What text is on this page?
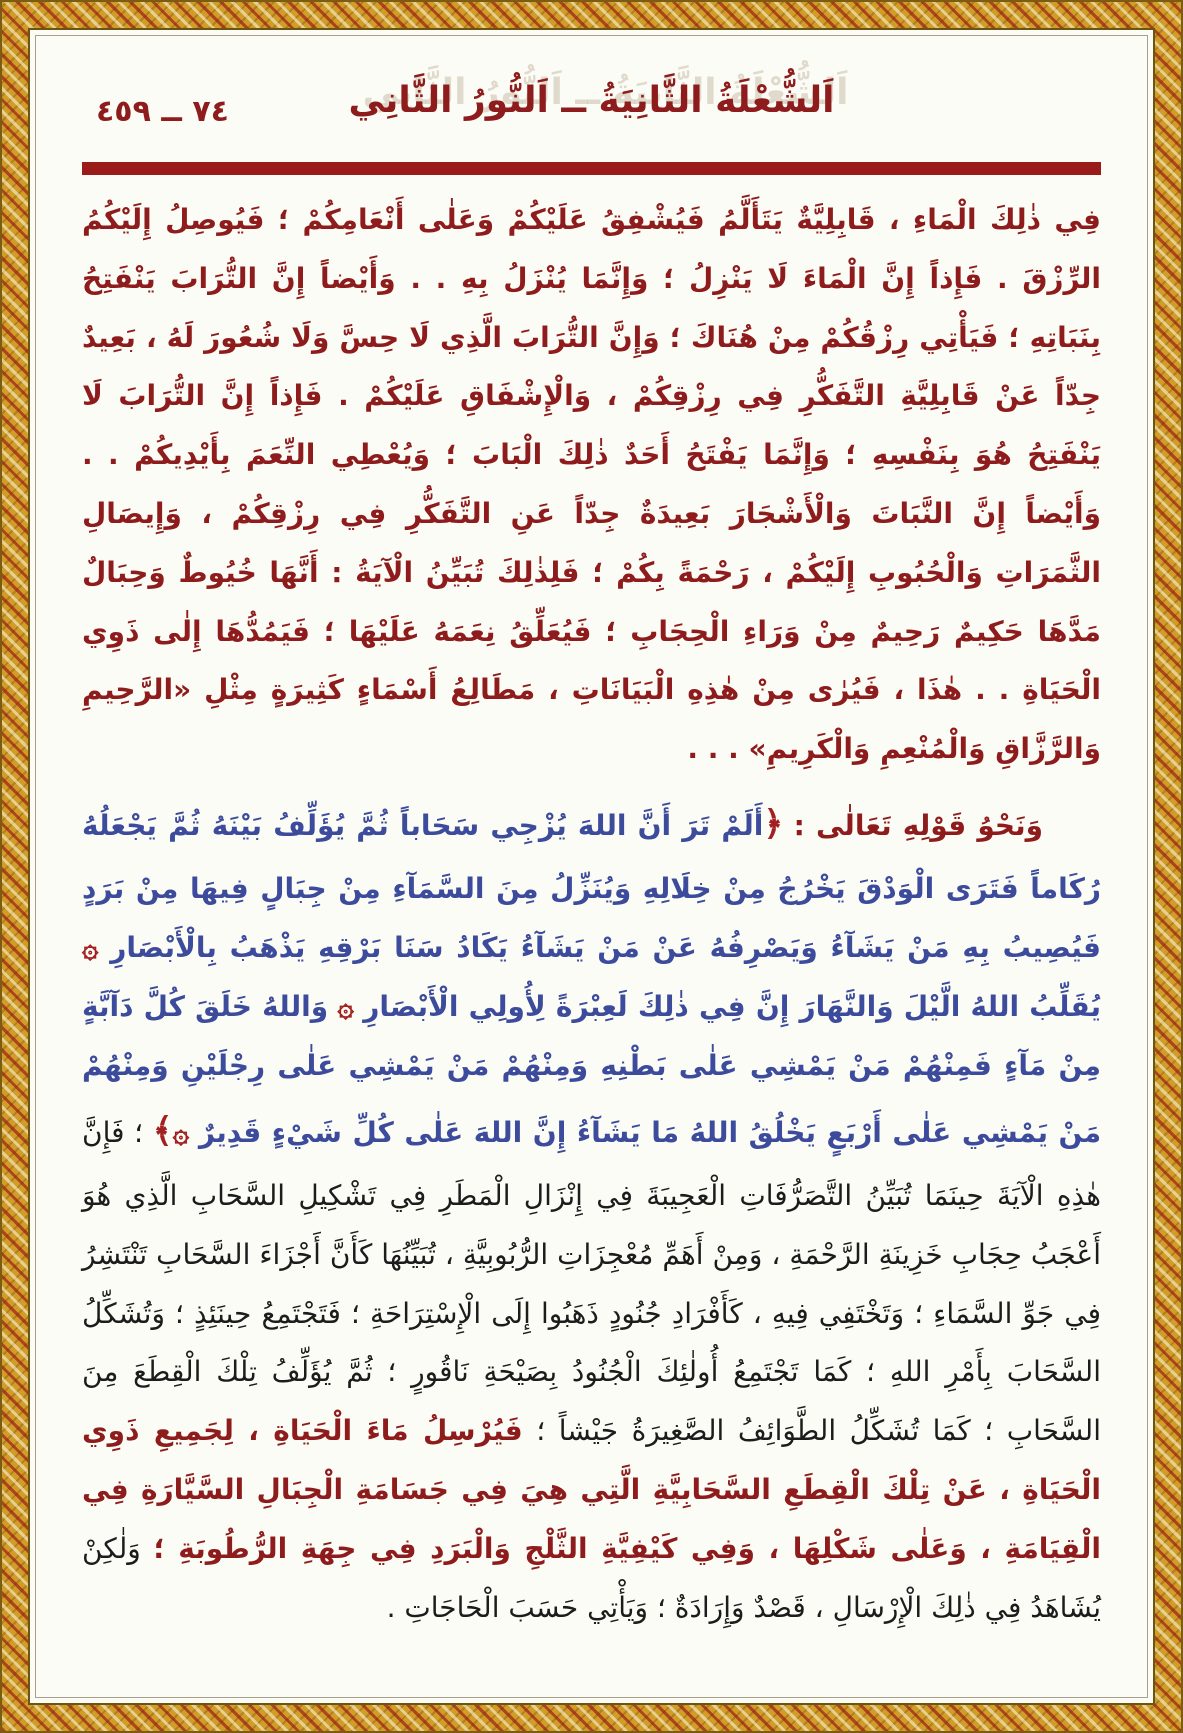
٧٤ ــ ٤٥٩	اَلشُّعْلَةُ الثَّانِيَةُ ــ اَلنُّورُ الثَّانِي

فِي ذٰلِكَ الْمَاءِ ، قَابِلِيَّةٌ يَتَأَلَّمُ فَيُشْفِقُ عَلَيْكُمْ وَعَلٰى أَنْعَامِكُمْ ؛ فَيُوصِلُ إِلَيْكُمُ الرِّزْقَ . فَإِذاً إِنَّ الْمَاءَ لَا يَنْزِلُ ؛ وَإِنَّمَا يُنْزَلُ بِهِ . . وَأَيْضاً إِنَّ التُّرَابَ يَنْفَتِحُ بِنَبَاتِهِ ؛ فَيَأْتِي رِزْقُكُمْ مِنْ هُنَاكَ ؛ وَإِنَّ التُّرَابَ الَّذِي لَا حِسَّ وَلَا شُعُورَ لَهُ ، بَعِيدٌ جِدّاً عَنْ قَابِلِيَّةِ التَّفَكُّرِ فِي رِزْقِكُمْ ، وَالْإِشْفَاقِ عَلَيْكُمْ . فَإِذاً إِنَّ التُّرَابَ لَا يَنْفَتِحُ هُوَ بِنَفْسِهِ ؛ وَإِنَّمَا يَفْتَحُ أَحَدٌ ذٰلِكَ الْبَابَ ؛ وَيُعْطِي النِّعَمَ بِأَيْدِيكُمْ . . وَأَيْضاً إِنَّ النَّبَاتَ وَالْأَشْجَارَ بَعِيدَةٌ جِدّاً عَنِ التَّفَكُّرِ فِي رِزْقِكُمْ ، وَإِيصَالِ الثَّمَرَاتِ وَالْحُبُوبِ إِلَيْكُمْ ، رَحْمَةً بِكُمْ ؛ فَلِذٰلِكَ تُبَيِّنُ الْآيَةُ : أَنَّهَا خُيُوطٌ وَحِبَالٌ مَدَّهَا حَكِيمٌ رَحِيمٌ مِنْ وَرَاءِ الْحِجَابِ ؛ فَيُعَلِّقُ نِعَمَهُ عَلَيْهَا ؛ فَيَمُدُّهَا إِلٰى ذَوِي الْحَيَاةِ . . هٰذَا ، فَيُرٰى مِنْ هٰذِهِ الْبَيَانَاتِ ، مَطَالِعُ أَسْمَاءٍ كَثِيرَةٍ مِثْلِ «الرَّحِيمِ وَالرَّزَّاقِ وَالْمُنْعِمِ وَالْكَرِيمِ» . . .

وَنَحْوُ قَوْلِهِ تَعَالٰى : ﴿أَلَمْ تَرَ أَنَّ اللهَ يُزْجِي سَحَاباً ثُمَّ يُؤَلِّفُ بَيْنَهُ ثُمَّ يَجْعَلُهُ رُكَاماً فَتَرَى الْوَدْقَ يَخْرُجُ مِنْ خِلَالِهِ وَيُنَزِّلُ مِنَ السَّمَآءِ مِنْ جِبَالٍ فِيهَا مِنْ بَرَدٍ فَيُصِيبُ بِهِ مَنْ يَشَآءُ وَيَصْرِفُهُ عَنْ مَنْ يَشَآءُ يَكَادُ سَنَا بَرْقِهِ يَذْهَبُ بِالْأَبْصَارِ ۞ يُقَلِّبُ اللهُ الَّيْلَ وَالنَّهَارَ إِنَّ فِي ذٰلِكَ لَعِبْرَةً لِأُولِي الْأَبْصَارِ ۞ وَاللهُ خَلَقَ كُلَّ دَآبَّةٍ مِنْ مَآءٍ فَمِنْهُمْ مَنْ يَمْشِي عَلٰى بَطْنِهِ وَمِنْهُمْ مَنْ يَمْشِي عَلٰى رِجْلَيْنِ وَمِنْهُمْ مَنْ يَمْشِي عَلٰى أَرْبَعٍ يَخْلُقُ اللهُ مَا يَشَآءُ إِنَّ اللهَ عَلٰى كُلِّ شَيْءٍ قَدِيرٌ ۞﴾ ؛ فَإِنَّ هٰذِهِ الْآيَةَ حِينَمَا تُبَيِّنُ التَّصَرُّفَاتِ الْعَجِيبَةَ فِي إِنْزَالِ الْمَطَرِ فِي تَشْكِيلِ السَّحَابِ الَّذِي هُوَ أَعْجَبُ حِجَابِ خَزِينَةِ الرَّحْمَةِ ، وَمِنْ أَهَمِّ مُعْجِزَاتِ الرُّبُوبِيَّةِ ، تُبَيِّنُهَا كَأَنَّ أَجْزَاءَ السَّحَابِ تَنْتَشِرُ فِي جَوِّ السَّمَاءِ ؛ وَتَخْتَفِي فِيهِ ، كَأَفْرَادِ جُنُودٍ ذَهَبُوا إِلَى الْإِسْتِرَاحَةِ ؛ فَتَجْتَمِعُ حِينَئِذٍ ؛ وَتُشَكِّلُ السَّحَابَ بِأَمْرِ اللهِ ؛ كَمَا تَجْتَمِعُ أُولٰئِكَ الْجُنُودُ بِصَيْحَةِ نَاقُورٍ ؛ ثُمَّ يُؤَلِّفُ تِلْكَ الْقِطَعَ مِنَ السَّحَابِ ؛ كَمَا تُشَكِّلُ الطَّوَائِفُ الصَّغِيرَةُ جَيْشاً ؛ فَيُرْسِلُ مَاءَ الْحَيَاةِ ، لِجَمِيعِ ذَوِي الْحَيَاةِ ، عَنْ تِلْكَ الْقِطَعِ السَّحَابِيَّةِ الَّتِي هِيَ فِي جَسَامَةِ الْجِبَالِ السَّيَّارَةِ فِي الْقِيَامَةِ ، وَعَلٰى شَكْلِهَا ، وَفِي كَيْفِيَّةِ الثَّلْجِ وَالْبَرَدِ فِي جِهَةِ الرُّطُوبَةِ ؛ وَلٰكِنْ يُشَاهَدُ فِي ذٰلِكَ الْإِرْسَالِ ، قَصْدٌ وَإِرَادَةٌ ؛ وَيَأْتِي حَسَبَ الْحَاجَاتِ .
